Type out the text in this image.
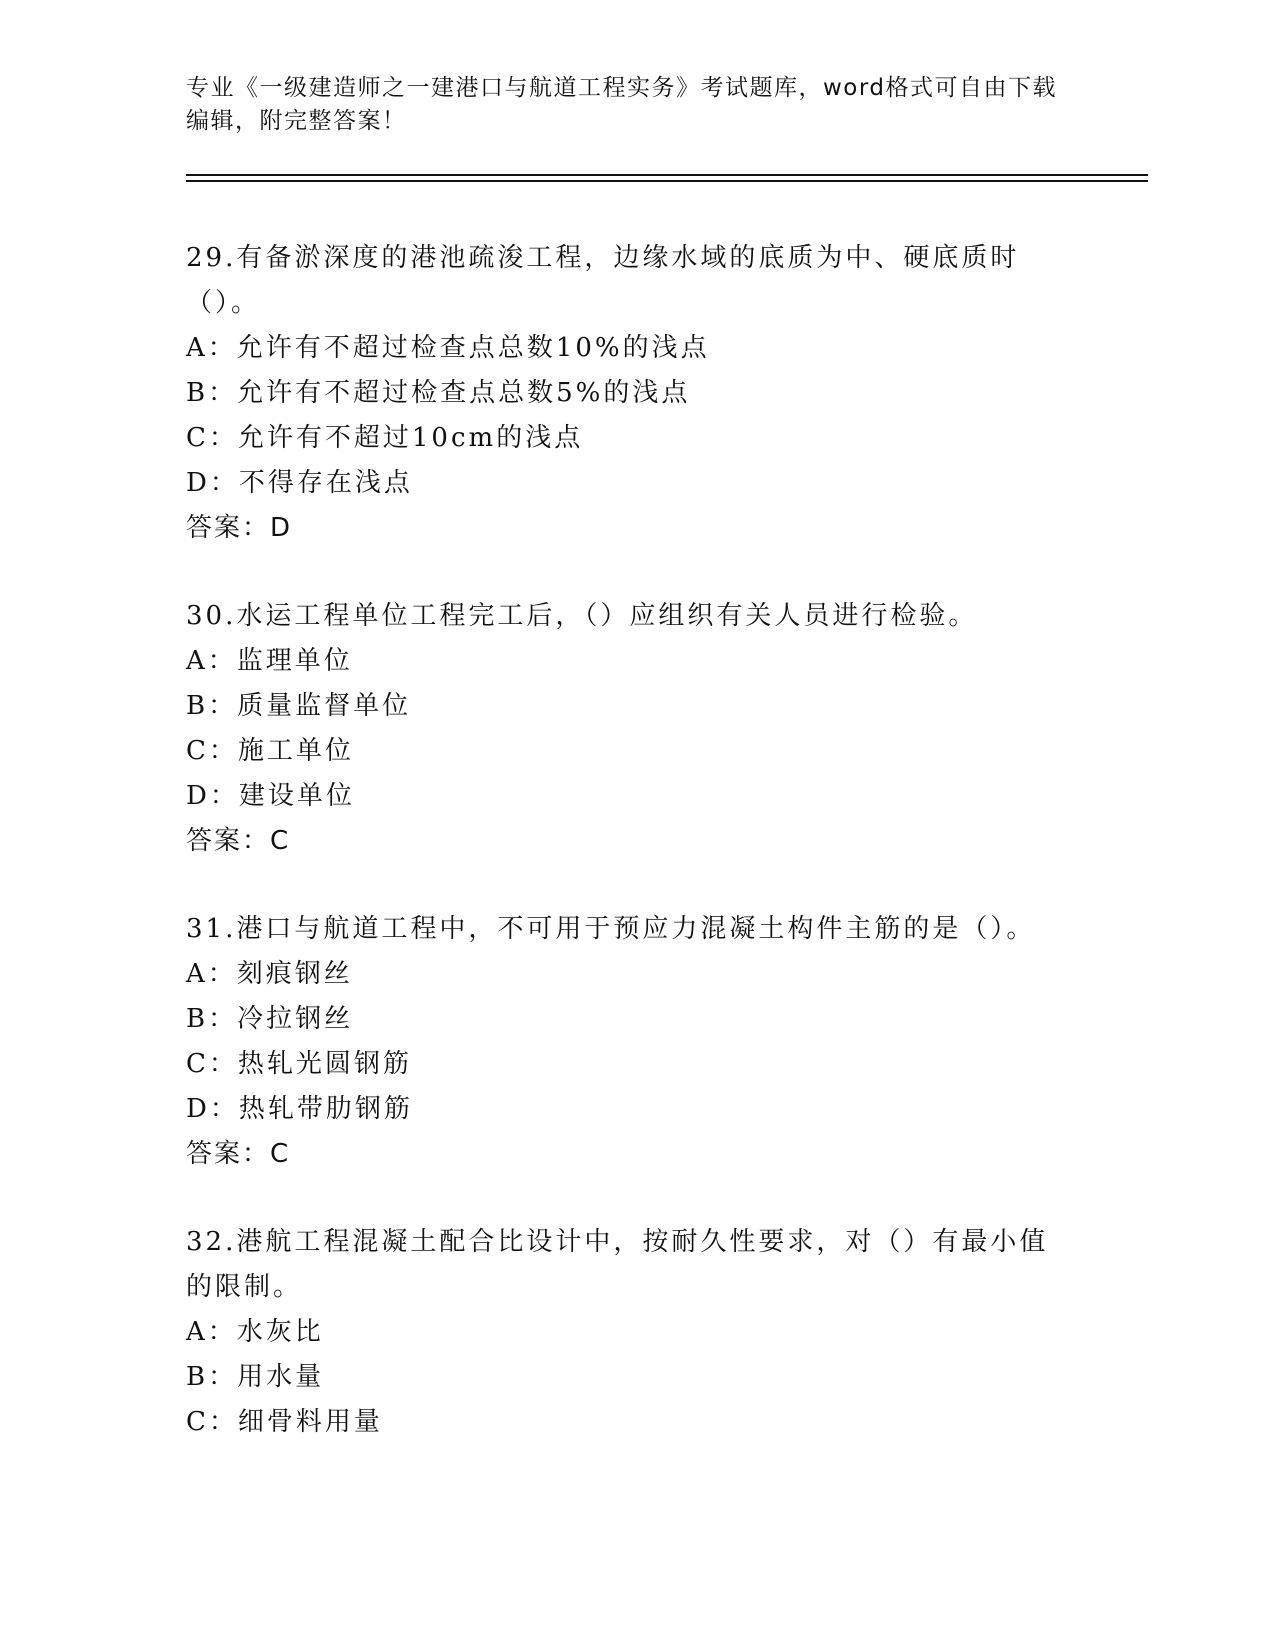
专业《一级建造师之一建港口与航道工程实务》考试题库，word格式可自由下载编辑，附完整答案！
29.有备淤深度的港池疏浚工程，边缘水域的底质为中、硬底质时（）。
A：允许有不超过检查点总数10%的浅点
B：允许有不超过检查点总数5%的浅点
C：允许有不超过10cm的浅点
D：不得存在浅点
答案：D
30.水运工程单位工程完工后，（）应组织有关人员进行检验。
A：监理单位
B：质量监督单位
C：施工单位
D：建设单位
答案：C
31.港口与航道工程中，不可用于预应力混凝土构件主筋的是（）。
A：刻痕钢丝
B：冷拉钢丝
C：热轧光圆钢筋
D：热轧带肋钢筋
答案：C
32.港航工程混凝土配合比设计中，按耐久性要求，对（）有最小值的限制。
A：水灰比
B：用水量
C：细骨料用量
